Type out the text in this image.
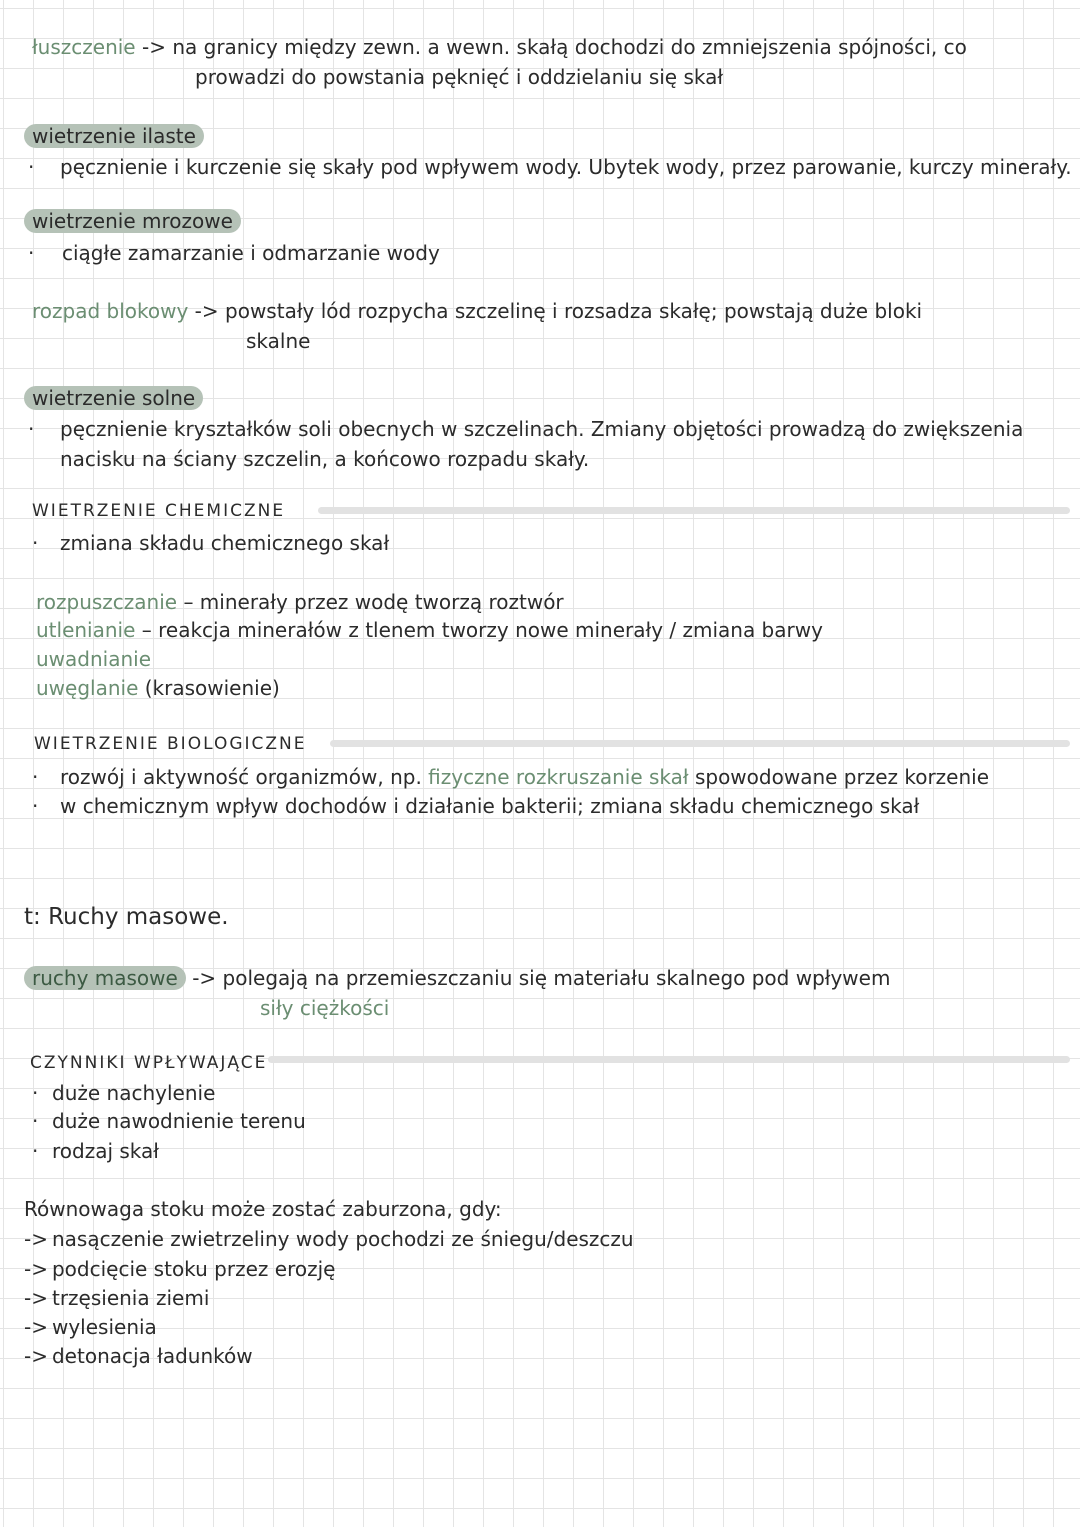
łuszczenie -> na granicy między zewn. a wewn. skałą dochodzi do zmniejszenia spójności, co
prowadzi do powstania pęknięć i oddzielaniu się skał
wietrzenie ilaste
· pęcznienie i kurczenie się skały pod wpływem wody. Ubytek wody, przez parowanie, kurczy minerały.
wietrzenie mrozowe
· ciągłe zamarzanie i odmarzanie wody
rozpad blokowy -> powstały lód rozpycha szczelinę i rozsadza skałę; powstają duże bloki
skalne
wietrzenie solne
· pęcznienie kryształków soli obecnych w szczelinach. Zmiany objętości prowadzą do zwiększenia
nacisku na ściany szczelin, a końcowo rozpadu skały.
WIETRZENIE CHEMICZNE
· zmiana składu chemicznego skał
rozpuszczanie – minerały przez wodę tworzą roztwór
utlenianie – reakcja minerałów z tlenem tworzy nowe minerały / zmiana barwy
uwadnianie
uwęglanie (krasowienie)
WIETRZENIE BIOLOGICZNE
· rozwój i aktywność organizmów, np. fizyczne rozkruszanie skał spowodowane przez korzenie
· w chemicznym wpływ dochodów i działanie bakterii; zmiana składu chemicznego skał
t: Ruchy masowe.
ruchy masowe -> polegają na przemieszczaniu się materiału skalnego pod wpływem
siły ciężkości
CZYNNIKI WPŁYWAJĄCE
· duże nachylenie
· duże nawodnienie terenu
· rodzaj skał
Równowaga stoku może zostać zaburzona, gdy:
-> nasączenie zwietrzeliny wody pochodzi ze śniegu/deszczu
-> podcięcie stoku przez erozję
-> trzęsienia ziemi
-> wylesienia
-> detonacja ładunków
